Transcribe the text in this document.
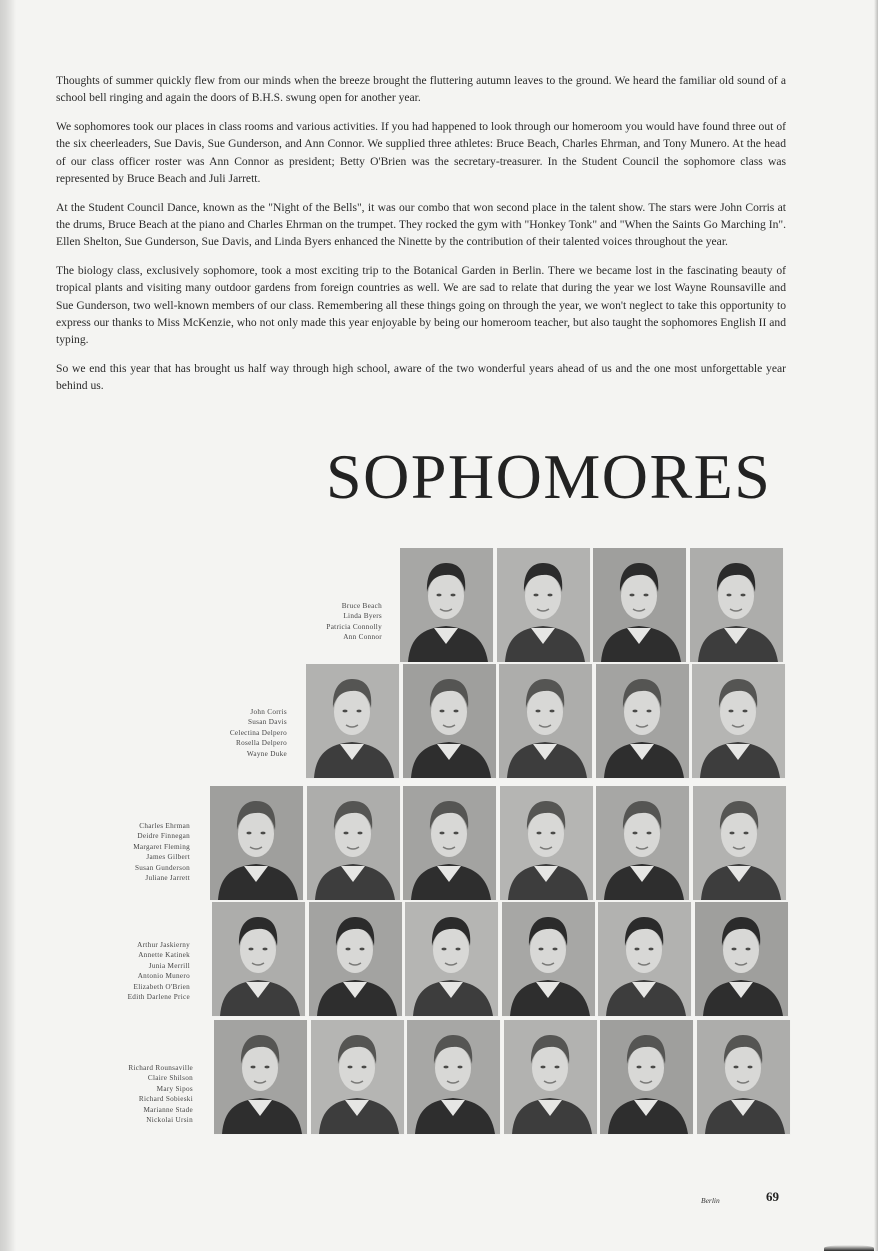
Thoughts of summer quickly flew from our minds when the breeze brought the fluttering autumn leaves to the ground. We heard the familiar old sound of a school bell ringing and again the doors of B.H.S. swung open for another year.

We sophomores took our places in class rooms and various activities. If you had happened to look through our homeroom you would have found three out of the six cheerleaders, Sue Davis, Sue Gunderson, and Ann Connor. We supplied three athletes: Bruce Beach, Charles Ehrman, and Tony Munero. At the head of our class officer roster was Ann Connor as president; Betty O'Brien was the secretary-treasurer. In the Student Council the sophomore class was represented by Bruce Beach and Juli Jarrett.

At the Student Council Dance, known as the "Night of the Bells", it was our combo that won second place in the talent show. The stars were John Corris at the drums, Bruce Beach at the piano and Charles Ehrman on the trumpet. They rocked the gym with "Honkey Tonk" and "When the Saints Go Marching In". Ellen Shelton, Sue Gunderson, Sue Davis, and Linda Byers enhanced the Ninette by the contribution of their talented voices throughout the year.

The biology class, exclusively sophomore, took a most exciting trip to the Botanical Garden in Berlin. There we became lost in the fascinating beauty of tropical plants and visiting many outdoor gardens from foreign countries as well. We are sad to relate that during the year we lost Wayne Rounsaville and Sue Gunderson, two well-known members of our class. Remembering all these things going on through the year, we won't neglect to take this opportunity to express our thanks to Miss McKenzie, who not only made this year enjoyable by being our homeroom teacher, but also taught the sophomores English II and typing.

So we end this year that has brought us half way through high school, aware of the two wonderful years ahead of us and the one most unforgettable year behind us.

SOPHOMORES
Bruce Beach
Linda Byers
Patricia Connolly
Ann Connor
John Corris
Susan Davis
Celectina Delpero
Rosella Delpero
Wayne Duke
Charles Ehrman
Deidre Finnegan
Margaret Fleming
James Gilbert
Susan Gunderson
Juliane Jarrett
Arthur Jaskierny
Annette Katinek
Junia Merrill
Antonio Munero
Elizabeth O'Brien
Edith Darlene Price
Richard Rounsaville
Claire Shilson
Mary Sipos
Richard Sobieski
Marianne Stade
Nickolai Ursin
Berlin	69
